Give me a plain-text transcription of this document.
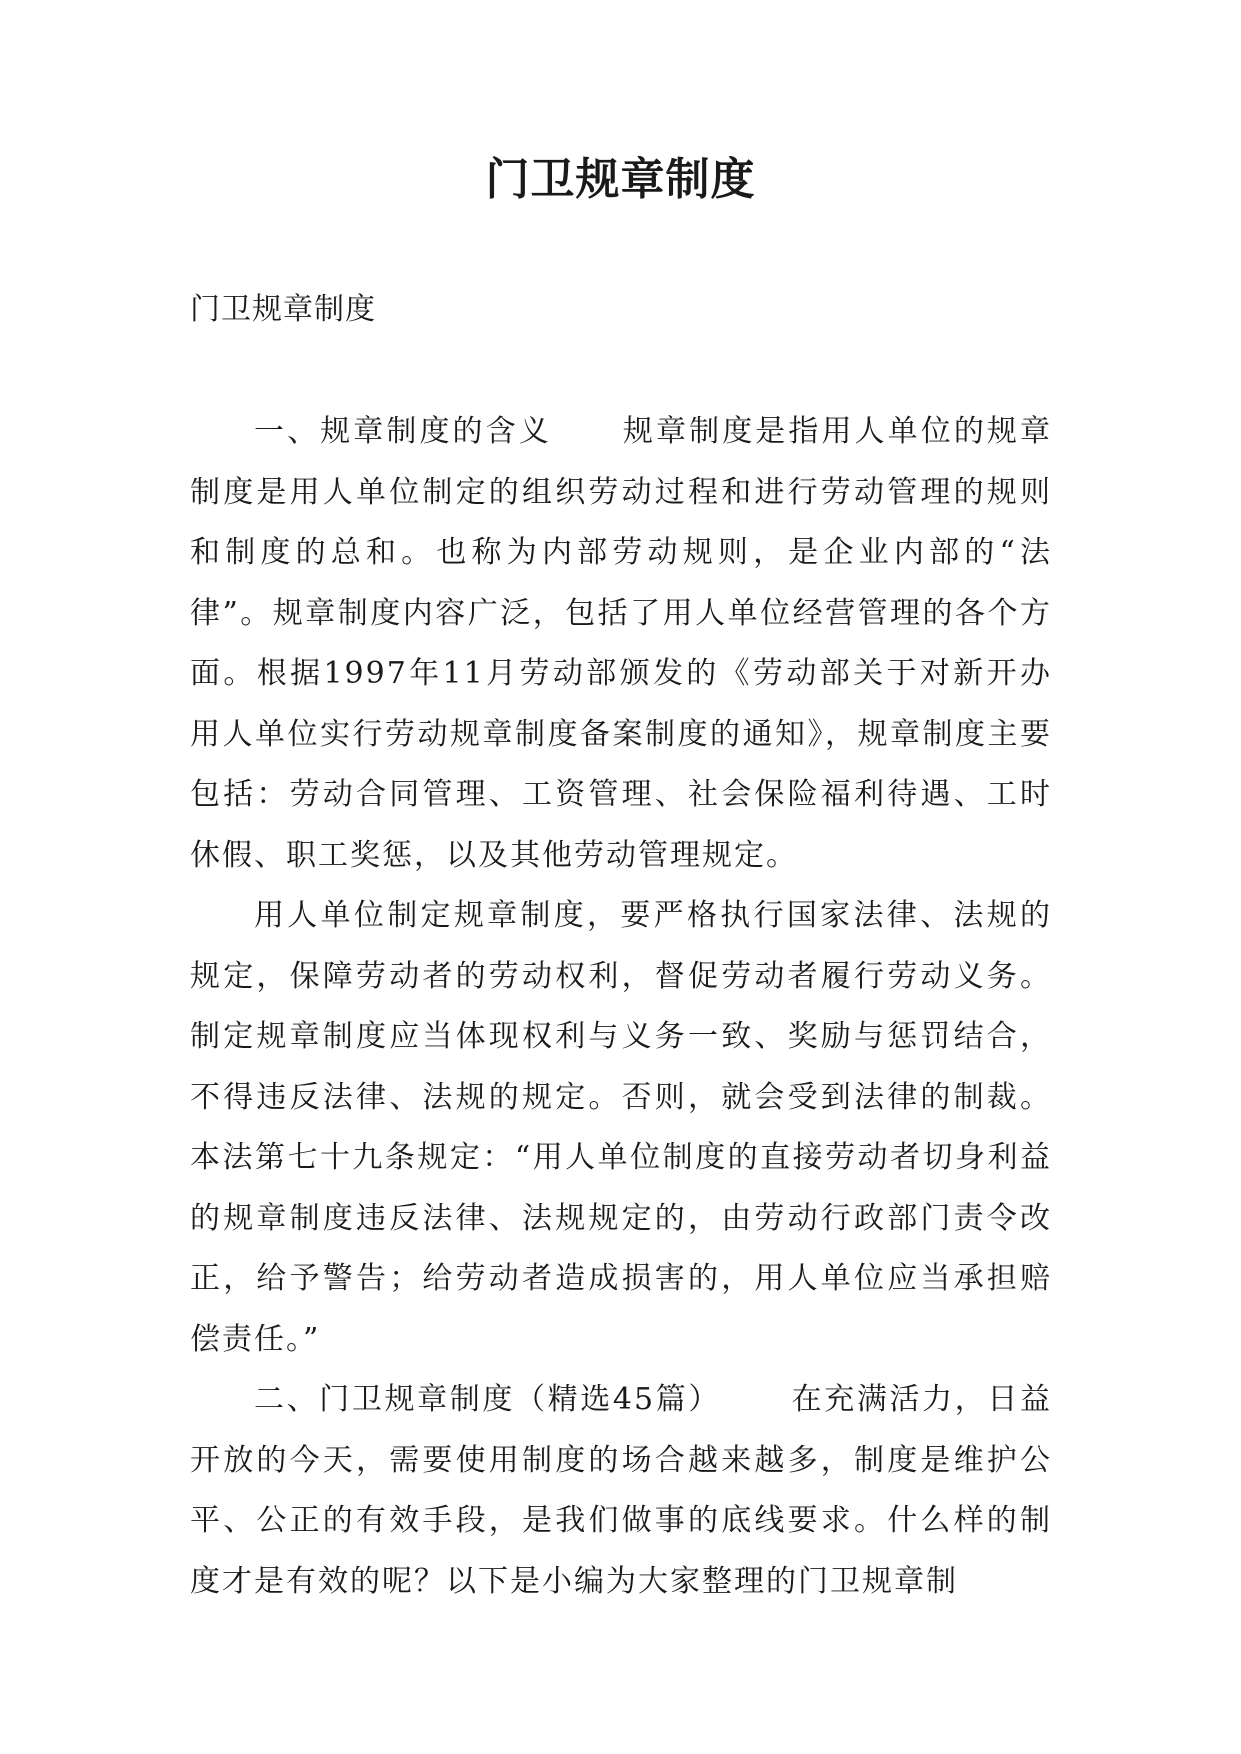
门卫规章制度
门卫规章制度

一、规章制度的含义 规章制度是指用人单位的规章制度是用人单位制定的组织劳动过程和进行劳动管理的规则和制度的总和。也称为内部劳动规则，是企业内部的“法律”。规章制度内容广泛，包括了用人单位经营管理的各个方面。根据1997年11月劳动部颁发的《劳动部关于对新开办用人单位实行劳动规章制度备案制度的通知》，规章制度主要包括：劳动合同管理、工资管理、社会保险福利待遇、工时休假、职工奖惩，以及其他劳动管理规定。

用人单位制定规章制度，要严格执行国家法律、法规的规定，保障劳动者的劳动权利，督促劳动者履行劳动义务。制定规章制度应当体现权利与义务一致、奖励与惩罚结合，不得违反法律、法规的规定。否则，就会受到法律的制裁。本法第七十九条规定：“用人单位制度的直接劳动者切身利益的规章制度违反法律、法规规定的，由劳动行政部门责令改正，给予警告；给劳动者造成损害的，用人单位应当承担赔偿责任。”

二、门卫规章制度（精选45篇） 在充满活力，日益开放的今天，需要使用制度的场合越来越多，制度是维护公平、公正的有效手段，是我们做事的底线要求。什么样的制度才是有效的呢？以下是小编为大家整理的门卫规章制
